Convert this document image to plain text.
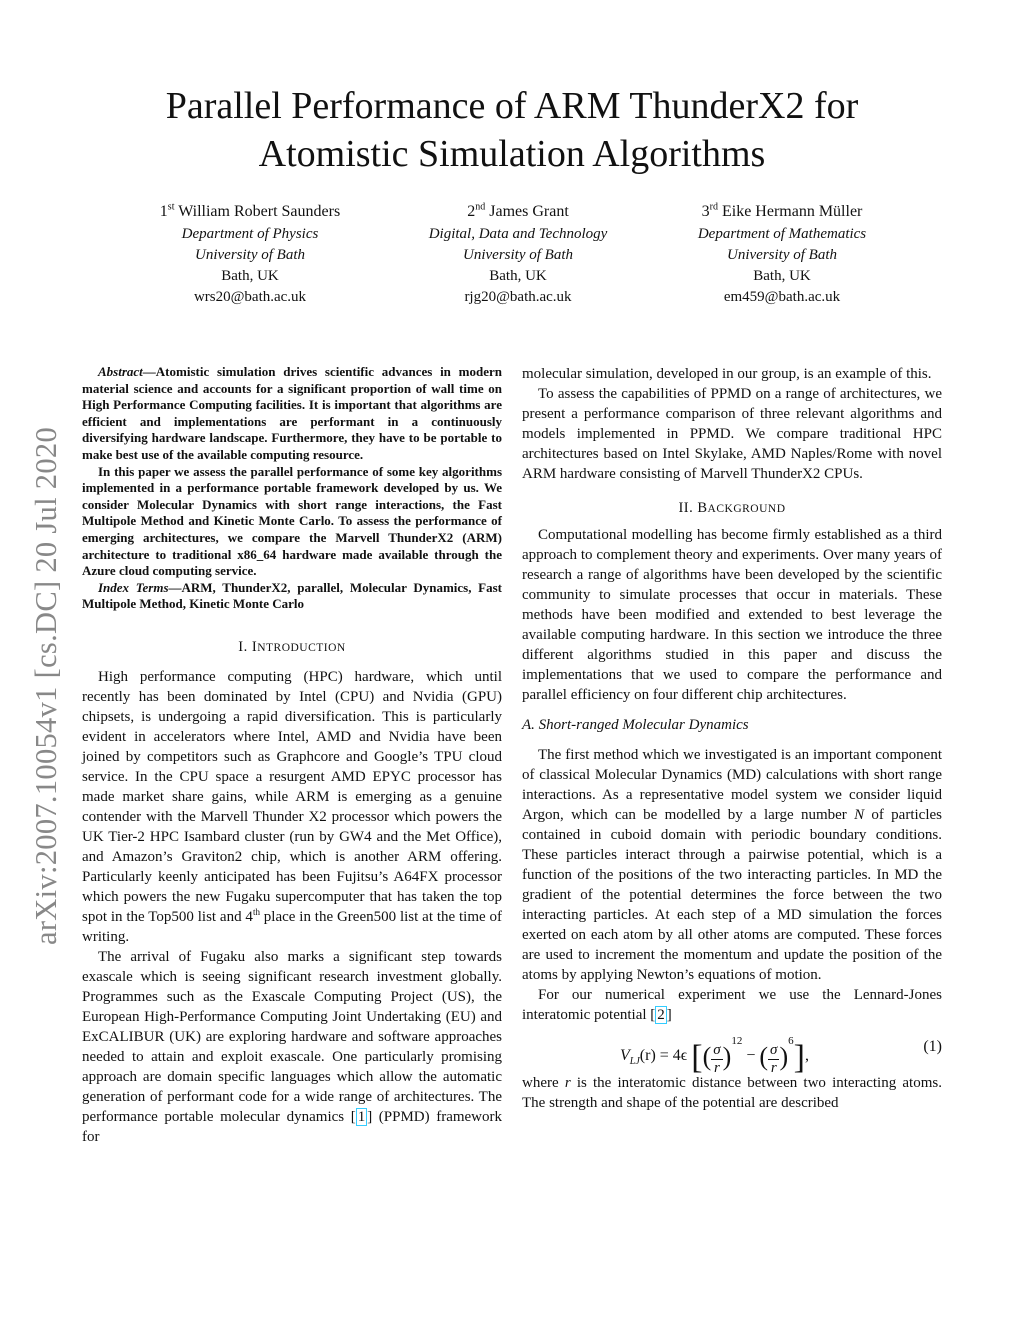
arXiv:2007.10054v1 [cs.DC] 20 Jul 2020
Parallel Performance of ARM ThunderX2 for
Atomistic Simulation Algorithms
1st William Robert Saunders
Department of Physics
University of Bath
Bath, UK
wrs20@bath.ac.uk
2nd James Grant
Digital, Data and Technology
University of Bath
Bath, UK
rjg20@bath.ac.uk
3rd Eike Hermann Müller
Department of Mathematics
University of Bath
Bath, UK
em459@bath.ac.uk

Abstract—Atomistic simulation drives scientific advances in modern material science and accounts for a significant proportion of wall time on High Performance Computing facilities. It is important that algorithms are efficient and implementations are performant in a continuously diversifying hardware landscape. Furthermore, they have to be portable to make best use of the available computing resource.

In this paper we assess the parallel performance of some key algorithms implemented in a performance portable framework developed by us. We consider Molecular Dynamics with short range interactions, the Fast Multipole Method and Kinetic Monte Carlo. To assess the performance of emerging architectures, we compare the Marvell ThunderX2 (ARM) architecture to traditional x86_64 hardware made available through the Azure cloud computing service.

Index Terms—ARM, ThunderX2, parallel, Molecular Dynamics, Fast Multipole Method, Kinetic Monte Carlo

I. INTRODUCTION

High performance computing (HPC) hardware, which until recently has been dominated by Intel (CPU) and Nvidia (GPU) chipsets, is undergoing a rapid diversification. This is particularly evident in accelerators where Intel, AMD and Nvidia have been joined by competitors such as Graphcore and Google’s TPU cloud service. In the CPU space a resurgent AMD EPYC processor has made market share gains, while ARM is emerging as a genuine contender with the Marvell Thunder X2 processor which powers the UK Tier-2 HPC Isambard cluster (run by GW4 and the Met Office), and Amazon’s Graviton2 chip, which is another ARM offering. Particularly keenly anticipated has been Fujitsu’s A64FX processor which powers the new Fugaku supercomputer that has taken the top spot in the Top500 list and 4th place in the Green500 list at the time of writing.

The arrival of Fugaku also marks a significant step towards exascale which is seeing significant research investment globally. Programmes such as the Exascale Computing Project (US), the European High-Performance Computing Joint Undertaking (EU) and ExCALIBUR (UK) are exploring hardware and software approaches needed to attain and exploit exascale. One particularly promising approach are domain specific languages which allow the automatic generation of performant code for a wide range of architectures. The performance portable molecular dynamics [ 1 ] (PPMD) framework for

molecular simulation, developed in our group, is an example of this.

To assess the capabilities of PPMD on a range of architectures, we present a performance comparison of three relevant algorithms and models implemented in PPMD. We compare traditional HPC architectures based on Intel Skylake, AMD Naples/Rome with novel ARM hardware consisting of Marvell ThunderX2 CPUs.

II. BACKGROUND

Computational modelling has become firmly established as a third approach to complement theory and experiments. Over many years of research a range of algorithms have been developed by the scientific community to simulate processes that occur in materials. These methods have been modified and extended to best leverage the available computing hardware. In this section we introduce the three different algorithms studied in this paper and discuss the implementations that we used to compare the performance and parallel efficiency on four different chip architectures.

A. Short-ranged Molecular Dynamics

The first method which we investigated is an important component of classical Molecular Dynamics (MD) calculations with short range interactions. As a representative model system we consider liquid Argon, which can be modelled by a large number N of particles contained in cuboid domain with periodic boundary conditions. These particles interact through a pairwise potential, which is a function of the positions of the two interacting particles. In MD the gradient of the potential determines the force between the two interacting particles. At each step of a MD simulation the forces exerted on each atom by all other atoms are computed. These forces are used to increment the momentum and update the position of the atoms by applying Newton’s equations of motion.

For our numerical experiment we use the Lennard-Jones interatomic potential [ 2 ]

$V_{LJ}(r) = 4\epsilon$ [( $\frac{\sigma}{r} )^{12}$ − ( $\frac{\sigma}{r} )^6$],
(1)

where r is the interatomic distance between two interacting atoms. The strength and shape of the potential are described
